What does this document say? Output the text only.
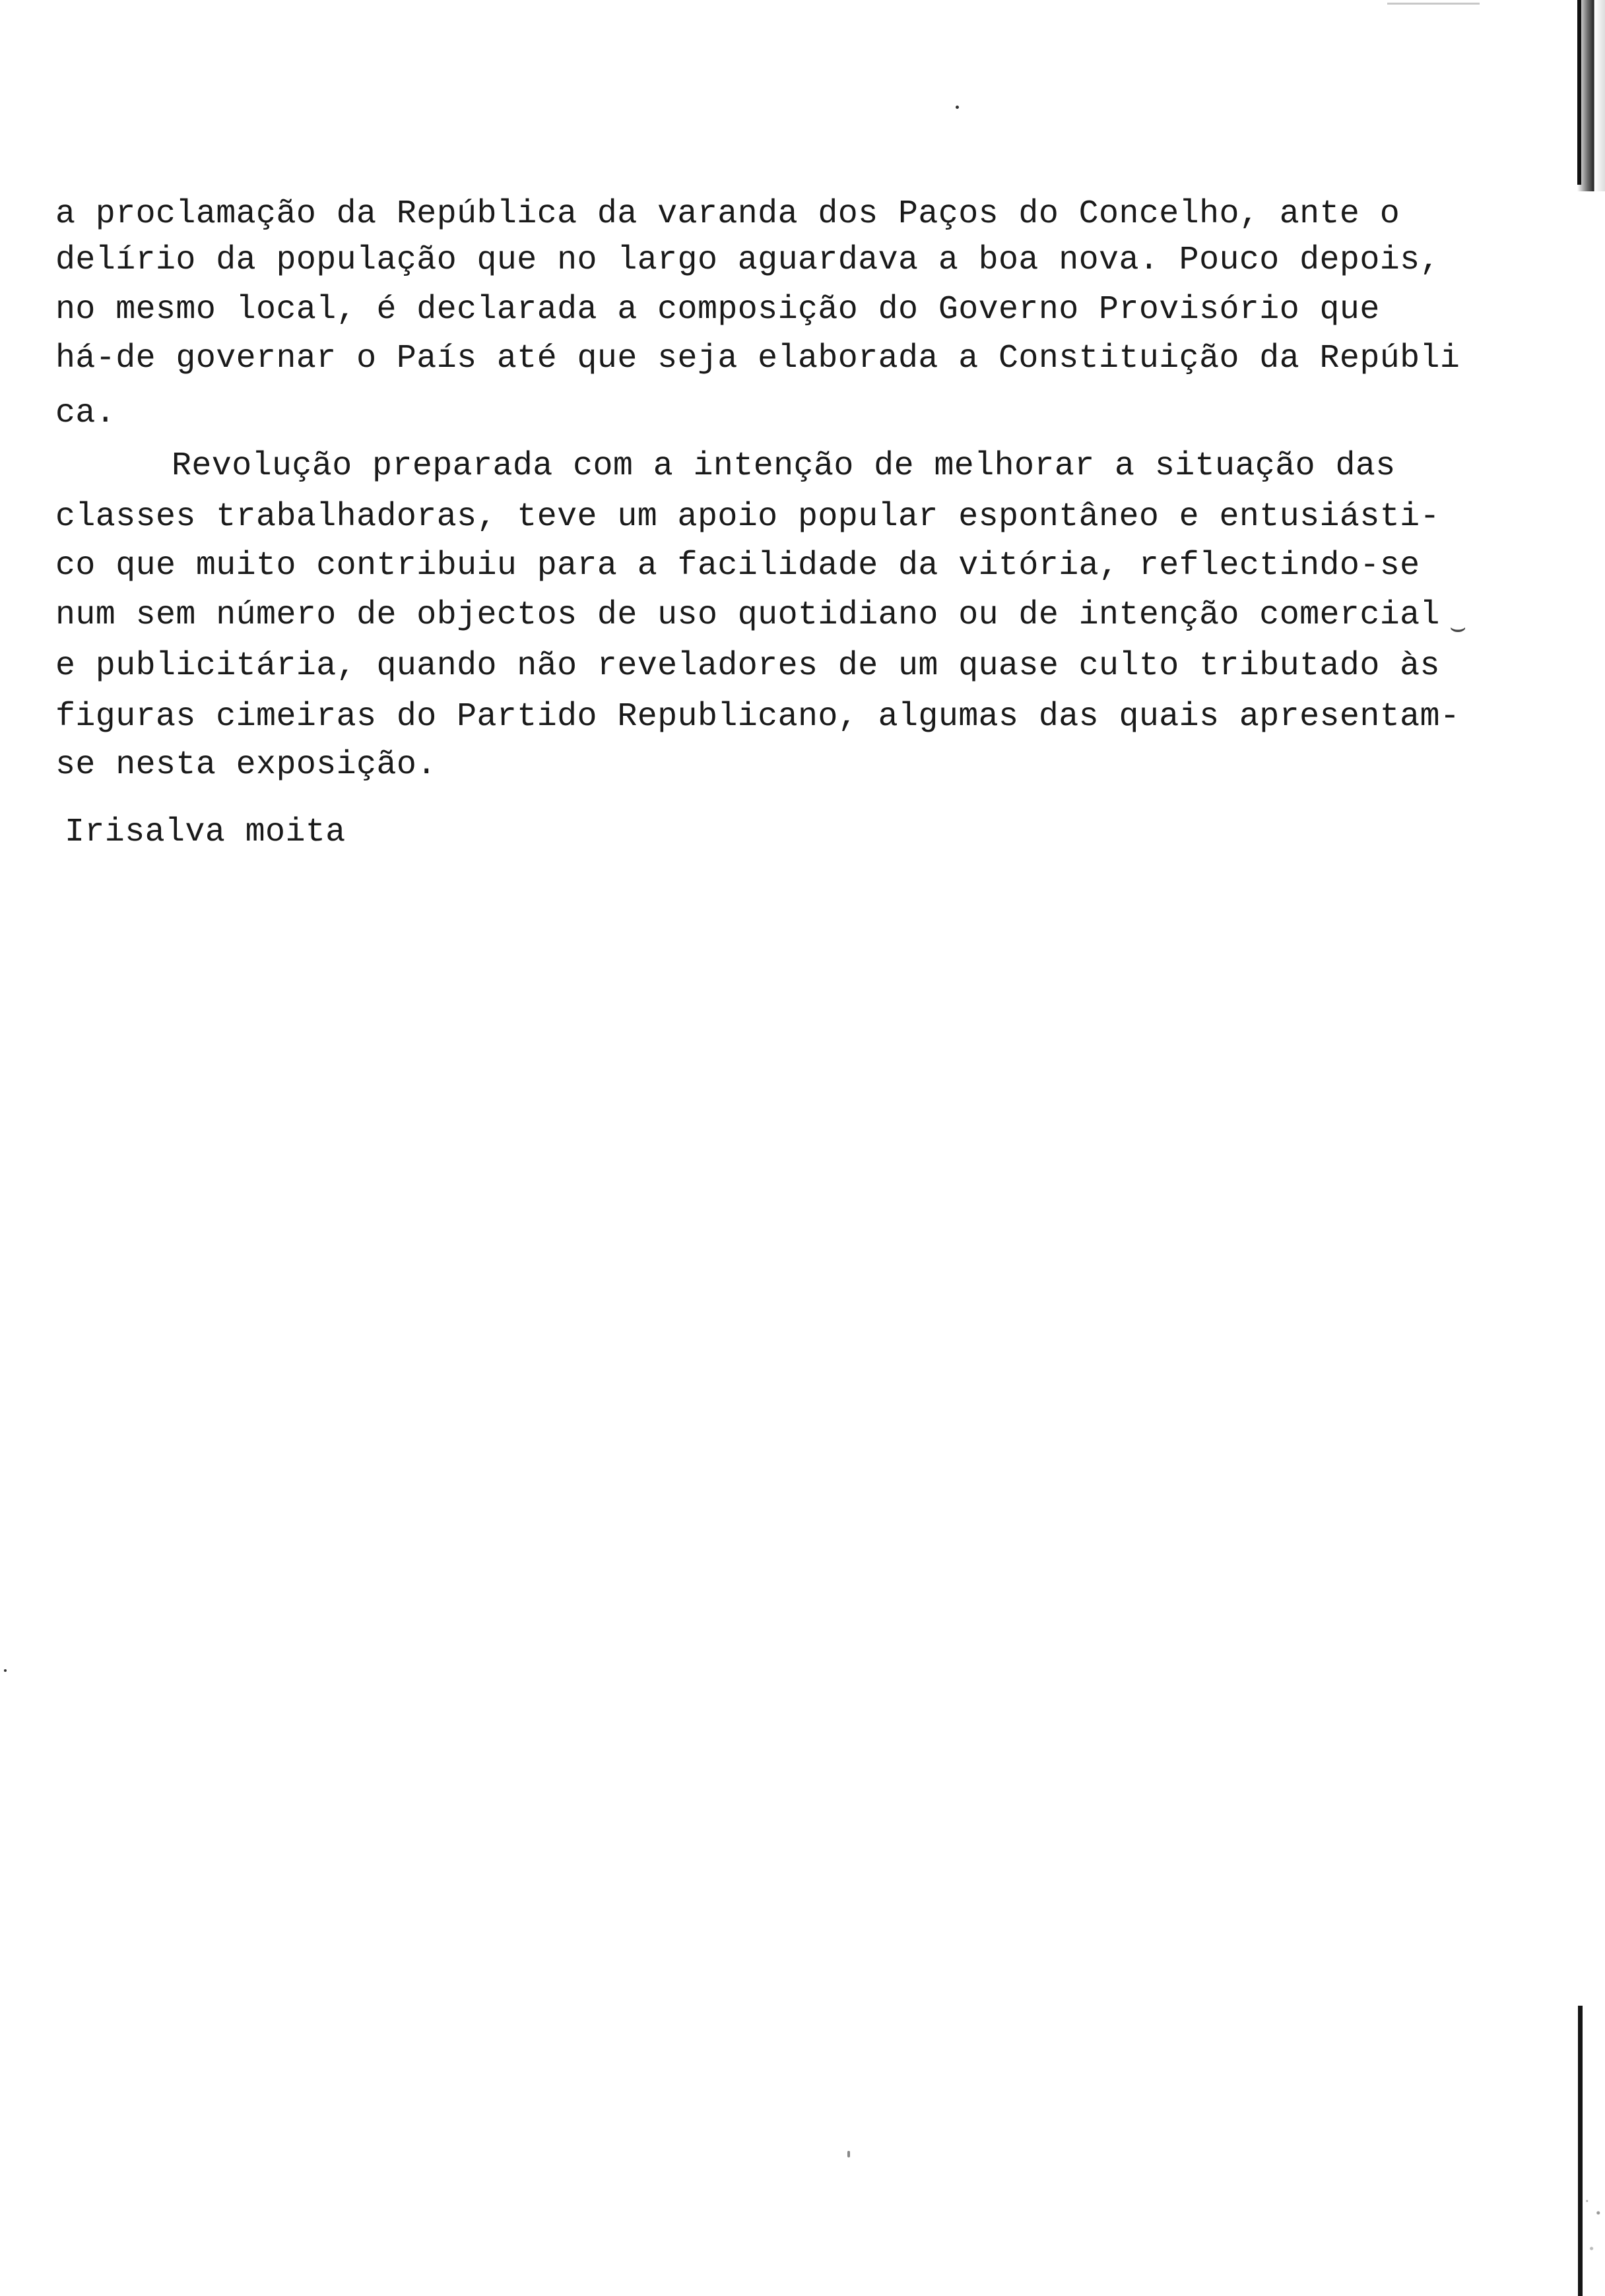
⌣
a proclamação da República da varanda dos Paços do Concelho, ante o
delírio da população que no largo aguardava a boa nova. Pouco depois,
no mesmo local, é declarada a composição do Governo Provisório que
há-de governar o País até que seja elaborada a Constituição da Repúbli
ca.
Revolução preparada com a intenção de melhorar a situação das
classes trabalhadoras, teve um apoio popular espontâneo e entusiásti-
co que muito contribuiu para a facilidade da vitória, reflectindo-se
num sem número de objectos de uso quotidiano ou de intenção comercial
e publicitária, quando não reveladores de um quase culto tributado às
figuras cimeiras do Partido Republicano, algumas das quais apresentam-
se nesta exposição.
Irisalva moita
